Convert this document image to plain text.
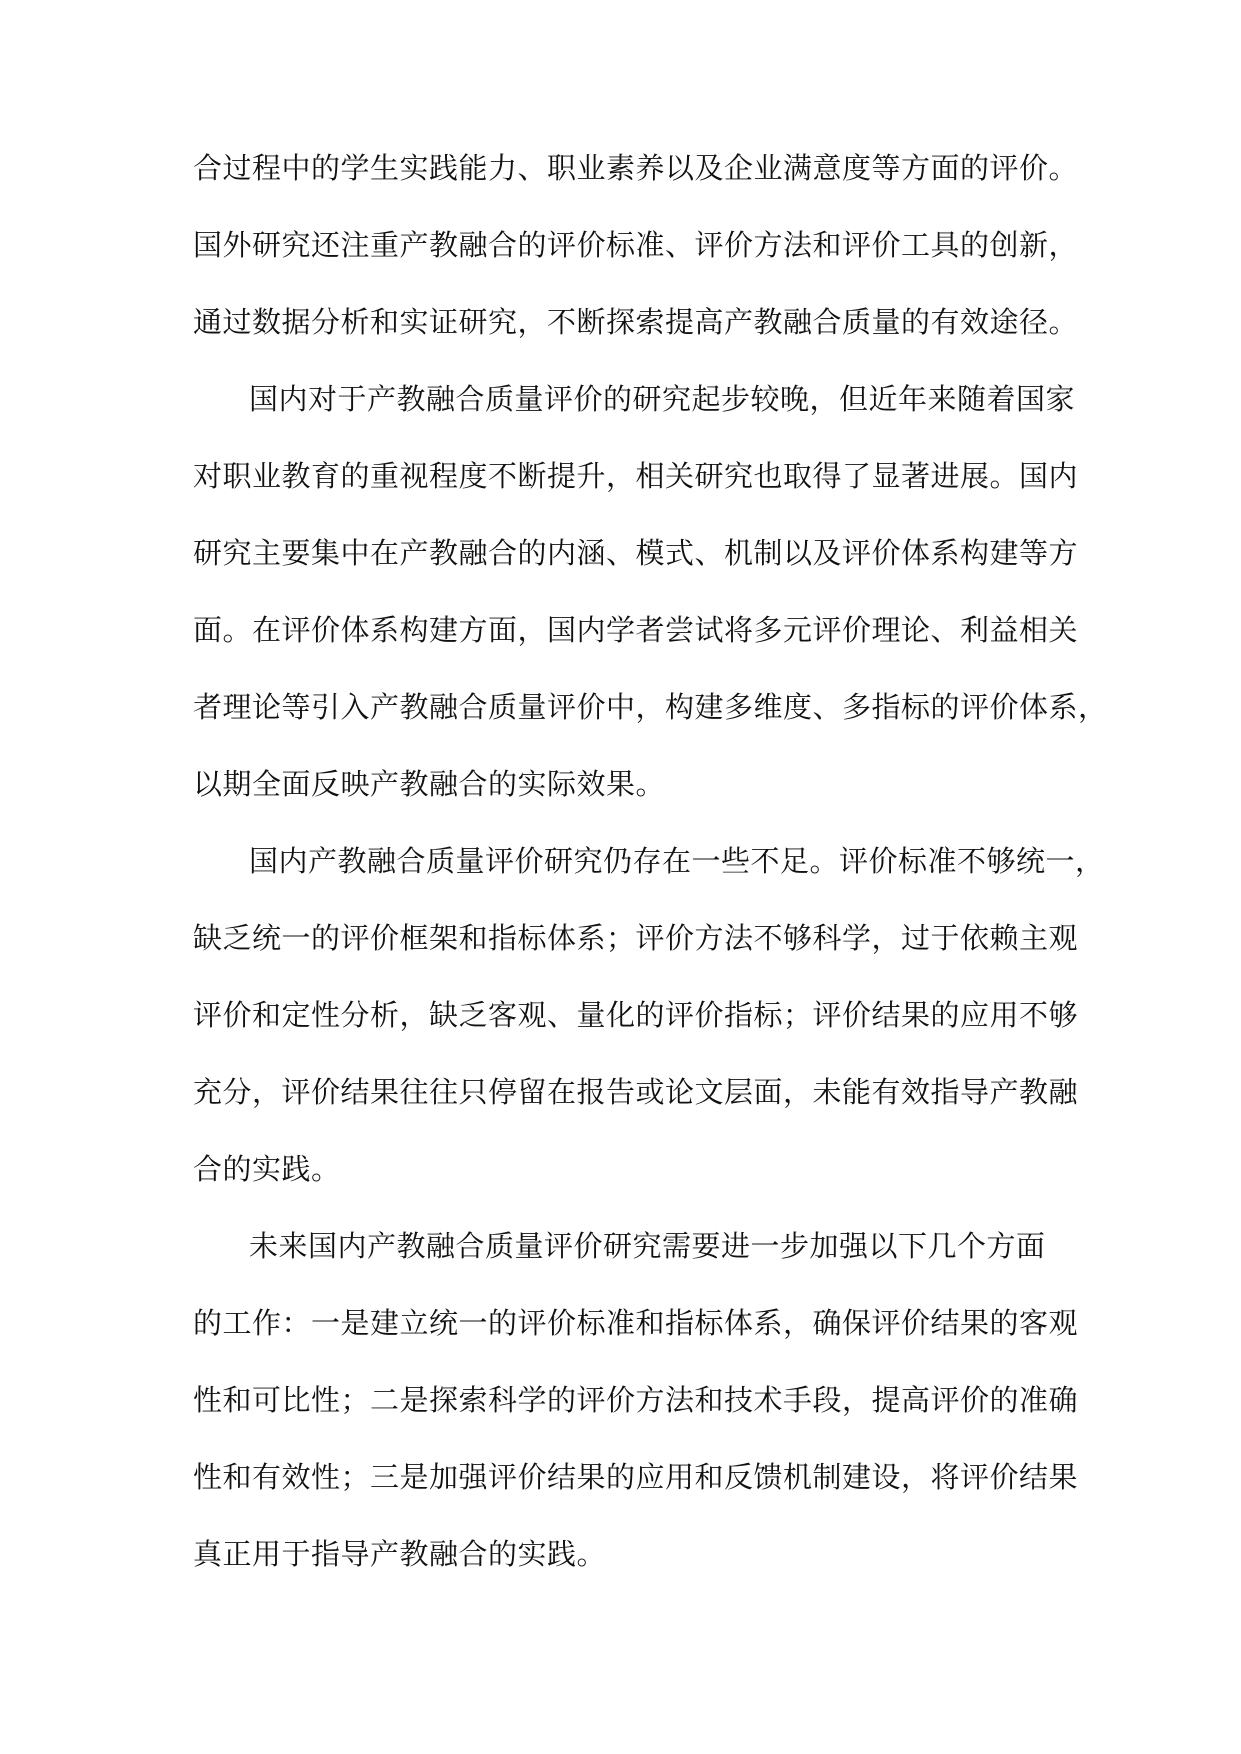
合过程中的学生实践能力、职业素养以及企业满意度等方面的评价。
国外研究还注重产教融合的评价标准、评价方法和评价工具的创新，
通过数据分析和实证研究，不断探索提高产教融合质量的有效途径。
国内对于产教融合质量评价的研究起步较晚，但近年来随着国家
对职业教育的重视程度不断提升，相关研究也取得了显著进展。国内
研究主要集中在产教融合的内涵、模式、机制以及评价体系构建等方
面。在评价体系构建方面，国内学者尝试将多元评价理论、利益相关
者理论等引入产教融合质量评价中，构建多维度、多指标的评价体系，
以期全面反映产教融合的实际效果。
国内产教融合质量评价研究仍存在一些不足。评价标准不够统一，
缺乏统一的评价框架和指标体系；评价方法不够科学，过于依赖主观
评价和定性分析，缺乏客观、量化的评价指标；评价结果的应用不够
充分，评价结果往往只停留在报告或论文层面，未能有效指导产教融
合的实践。
未来国内产教融合质量评价研究需要进一步加强以下几个方面
的工作：一是建立统一的评价标准和指标体系，确保评价结果的客观
性和可比性；二是探索科学的评价方法和技术手段，提高评价的准确
性和有效性；三是加强评价结果的应用和反馈机制建设，将评价结果
真正用于指导产教融合的实践。
